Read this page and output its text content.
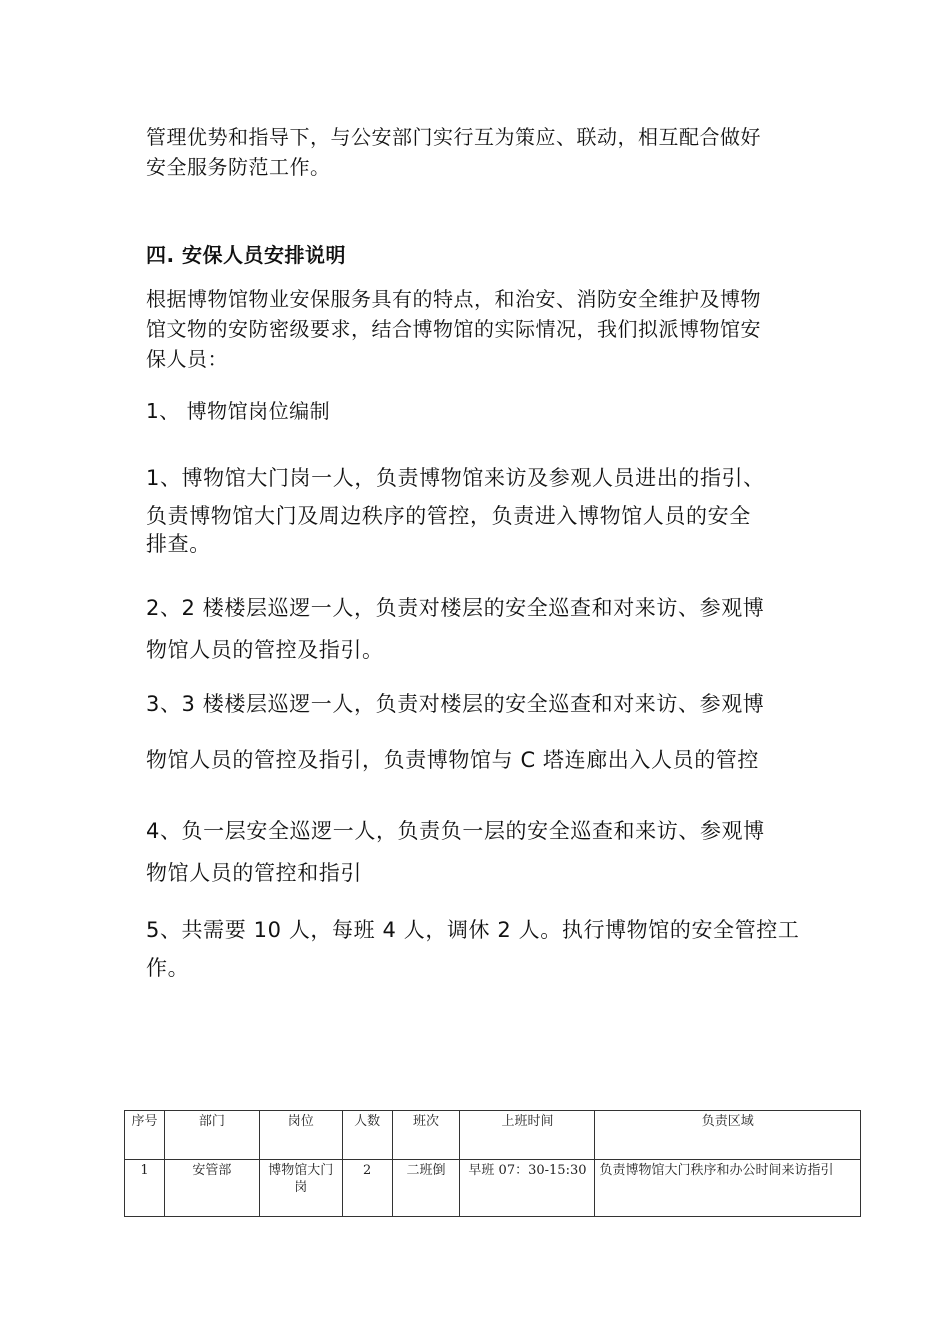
管理优势和指导下，与公安部门实行互为策应、联动，相互配合做好
安全服务防范工作。
四. 安保人员安排说明
根据博物馆物业安保服务具有的特点，和治安、消防安全维护及博物
馆文物的安防密级要求，结合博物馆的实际情况，我们拟派博物馆安
保人员：
1、 博物馆岗位编制
1、博物馆大门岗一人，负责博物馆来访及参观人员进出的指引、
负责博物馆大门及周边秩序的管控，负责进入博物馆人员的安全
排查。
2、2 楼楼层巡逻一人，负责对楼层的安全巡查和对来访、参观博
物馆人员的管控及指引。
3、3 楼楼层巡逻一人，负责对楼层的安全巡查和对来访、参观博
物馆人员的管控及指引，负责博物馆与 C 塔连廊出入人员的管控
4、负一层安全巡逻一人，负责负一层的安全巡查和来访、参观博
物馆人员的管控和指引
5、共需要 10 人，每班 4 人，调休 2 人。执行博物馆的安全管控工
作。
序号	部门	岗位	人数	班次	上班时间	负责区域
1	安管部	博物馆大门岗	2	二班倒	早班 07：30-15:30	负责博物馆大门秩序和办公时间来访指引
